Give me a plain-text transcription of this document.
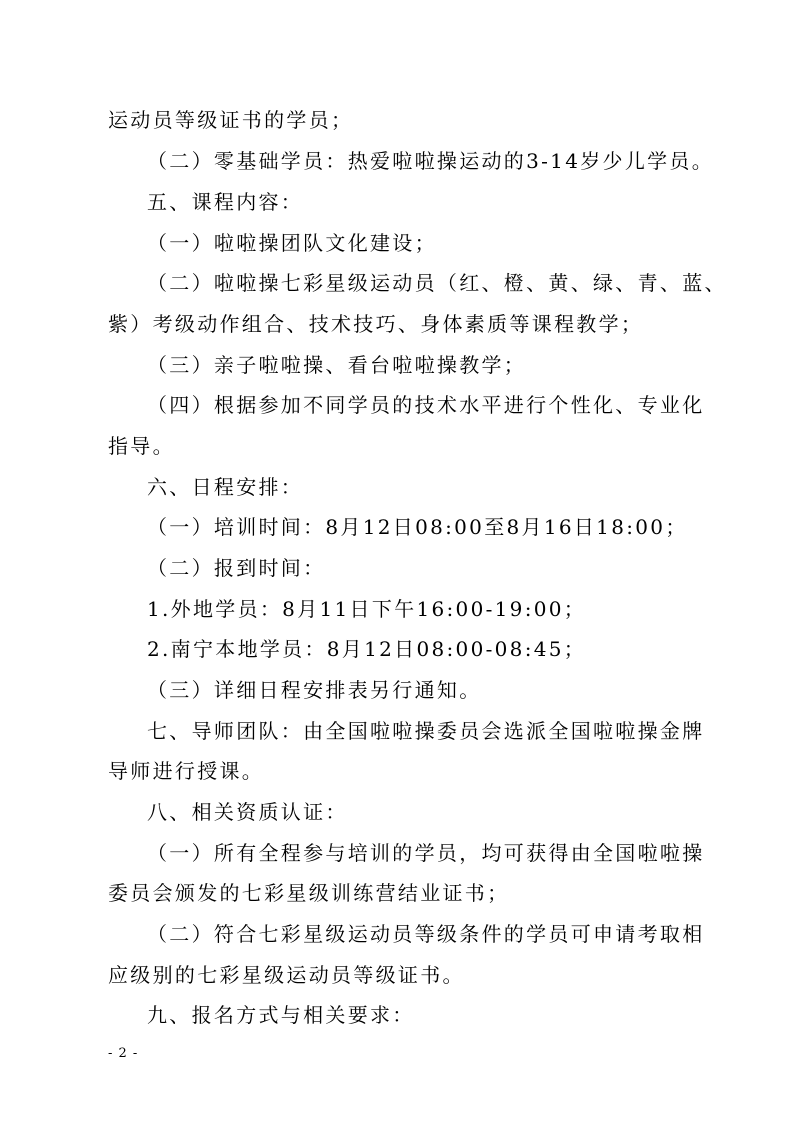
运动员等级证书的学员；
（二）零基础学员：热爱啦啦操运动的3-14岁少儿学员。
五、课程内容：
（一）啦啦操团队文化建设；
（二）啦啦操七彩星级运动员（红、橙、黄、绿、青、蓝、
紫）考级动作组合、技术技巧、身体素质等课程教学；
（三）亲子啦啦操、看台啦啦操教学；
（四）根据参加不同学员的技术水平进行个性化、专业化
指导。
六、日程安排：
（一）培训时间：8月12日08:00至8月16日18:00；
（二）报到时间：
1.外地学员：8月11日下午16:00-19:00；
2.南宁本地学员：8月12日08:00-08:45；
（三）详细日程安排表另行通知。
七、导师团队：由全国啦啦操委员会选派全国啦啦操金牌
导师进行授课。
八、相关资质认证：
（一）所有全程参与培训的学员，均可获得由全国啦啦操
委员会颁发的七彩星级训练营结业证书；
（二）符合七彩星级运动员等级条件的学员可申请考取相
应级别的七彩星级运动员等级证书。
九、报名方式与相关要求：
- 2 -
